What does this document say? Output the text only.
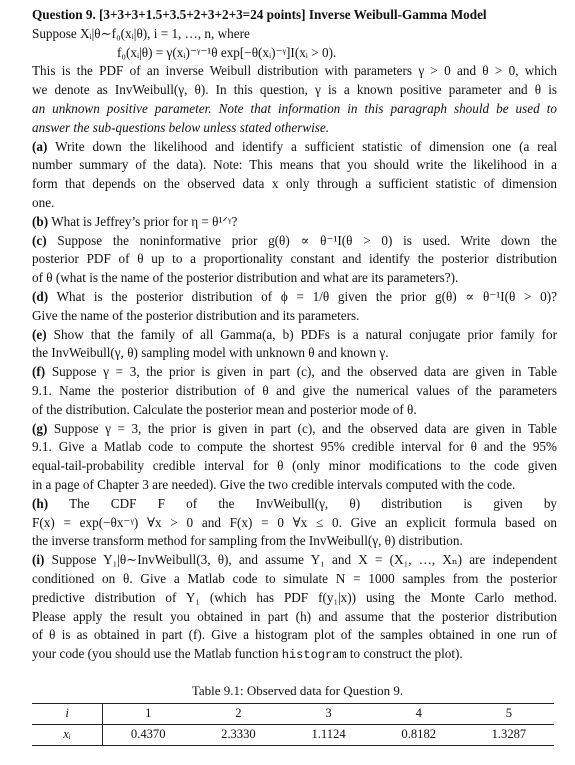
Question 9. [3+3+3+1.5+3.5+2+3+2+3=24 points] Inverse Weibull-Gamma Model
Suppose Xᵢ|θ∼f₀(xᵢ|θ), i = 1, …, n, where
f₀(xᵢ|θ) = γ(xᵢ)⁻ᵞ⁻¹θ exp[−θ(xᵢ)⁻ᵞ]I(xᵢ > 0).
This is the PDF of an inverse Weibull distribution with parameters γ > 0 and θ > 0, which
we denote as InvWeibull(γ, θ). In this question, γ is a known positive parameter and θ is
an unknown positive parameter. Note that information in this paragraph should be used to
answer the sub-questions below unless stated otherwise.
(a) Write down the likelihood and identify a sufficient statistic of dimension one (a real
number summary of the data). Note: This means that you should write the likelihood in a
form that depends on the observed data x only through a sufficient statistic of dimension
one.
(b) What is Jeffrey’s prior for η = θ¹ᐟᵞ?
(c) Suppose the noninformative prior g(θ) ∝ θ⁻¹I(θ > 0) is used. Write down the
posterior PDF of θ up to a proportionality constant and identify the posterior distribution
of θ (what is the name of the posterior distribution and what are its parameters?).
(d) What is the posterior distribution of ϕ = 1/θ given the prior g(θ) ∝ θ⁻¹I(θ > 0)?
Give the name of the posterior distribution and its parameters.
(e) Show that the family of all Gamma(a, b) PDFs is a natural conjugate prior family for
the InvWeibull(γ, θ) sampling model with unknown θ and known γ.
(f) Suppose γ = 3, the prior is given in part (c), and the observed data are given in Table
9.1. Name the posterior distribution of θ and give the numerical values of the parameters
of the distribution. Calculate the posterior mean and posterior mode of θ.
(g) Suppose γ = 3, the prior is given in part (c), and the observed data are given in Table
9.1. Give a Matlab code to compute the shortest 95% credible interval for θ and the 95%
equal-tail-probability credible interval for θ (only minor modifications to the code given
in a page of Chapter 3 are needed). Give the two credible intervals computed with the code.
(h) The CDF F of the InvWeibull(γ, θ) distribution is given by
F(x) = exp(−θx⁻ᵞ) ∀x > 0 and F(x) = 0 ∀x ≤ 0. Give an explicit formula based on
the inverse transform method for sampling from the InvWeibull(γ, θ) distribution.
(i) Suppose Y₁|θ∼InvWeibull(3, θ), and assume Y₁ and X = (X₁, …, Xₙ) are independent
conditioned on θ. Give a Matlab code to simulate N = 1000 samples from the posterior
predictive distribution of Y₁ (which has PDF f(y₁|x)) using the Monte Carlo method.
Please apply the result you obtained in part (h) and assume that the posterior distribution
of θ is as obtained in part (f). Give a histogram plot of the samples obtained in one run of
your code (you should use the Matlab function histogram to construct the plot).
Table 9.1: Observed data for Question 9.
i	1	2	3	4	5
xᵢ	0.4370	2.3330	1.1124	0.8182	1.3287
